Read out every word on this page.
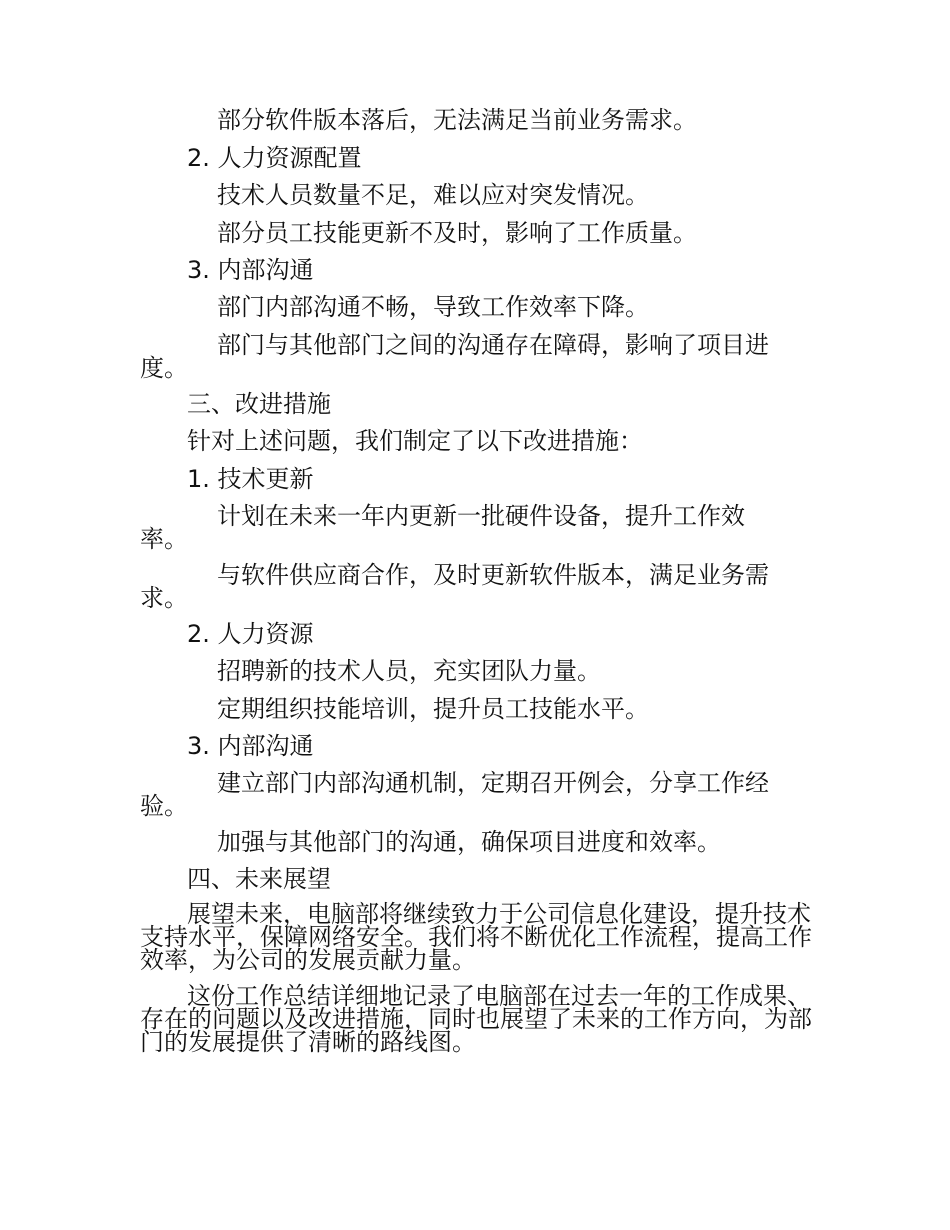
部分软件版本落后，无法满足当前业务需求。

2. 人力资源配置

技术人员数量不足，难以应对突发情况。

部分员工技能更新不及时，影响了工作质量。

3. 内部沟通

部门内部沟通不畅，导致工作效率下降。

部门与其他部门之间的沟通存在障碍，影响了项目进

度。

三、改进措施

针对上述问题，我们制定了以下改进措施：

1. 技术更新

计划在未来一年内更新一批硬件设备，提升工作效

率。

与软件供应商合作，及时更新软件版本，满足业务需

求。

2. 人力资源

招聘新的技术人员，充实团队力量。

定期组织技能培训，提升员工技能水平。

3. 内部沟通

建立部门内部沟通机制，定期召开例会，分享工作经

验。

加强与其他部门的沟通，确保项目进度和效率。

四、未来展望

展望未来，电脑部将继续致力于公司信息化建设，提升技术支持水平，保障网络安全。我们将不断优化工作流程，提高工作效率，为公司的发展贡献力量。

这份工作总结详细地记录了电脑部在过去一年的工作成果、存在的问题以及改进措施，同时也展望了未来的工作方向，为部门的发展提供了清晰的路线图。
